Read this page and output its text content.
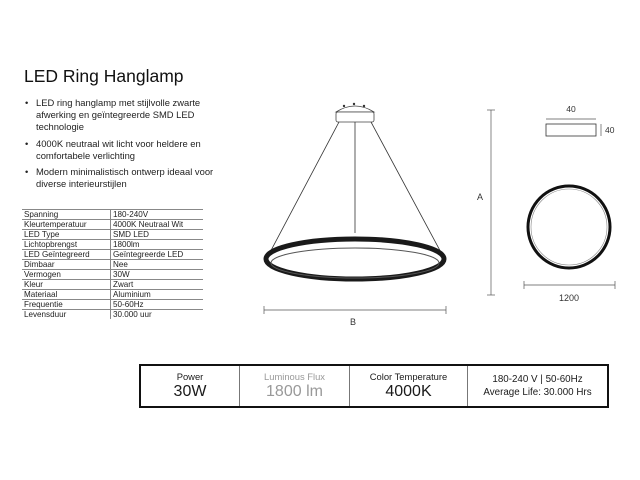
LED Ring Hanglamp
• LED ring hanglamp met stijlvolle zwarte afwerking en geïntegreerde SMD LED technologie
• 4000K neutraal wit licht voor heldere en comfortabele verlichting
• Modern minimalistisch ontwerp ideaal voor diverse interieurstijlen
Spanning	180-240V
Kleurtemperatuur	4000K Neutraal Wit
LED Type	SMD LED
Lichtopbrengst	1800lm
LED Geïntegreerd	Geïntegreerde LED
Dimbaar	Nee
Vermogen	30W
Kleur	Zwart
Materiaal	Aluminium
Frequentie	50-60Hz
Levensduur	30.000 uur
B
A
40
40
1200
Power
30W
Luminous Flux
1800 lm
Color Temperature
4000K
180-240 V | 50-60Hz
Average Life: 30.000 Hrs
